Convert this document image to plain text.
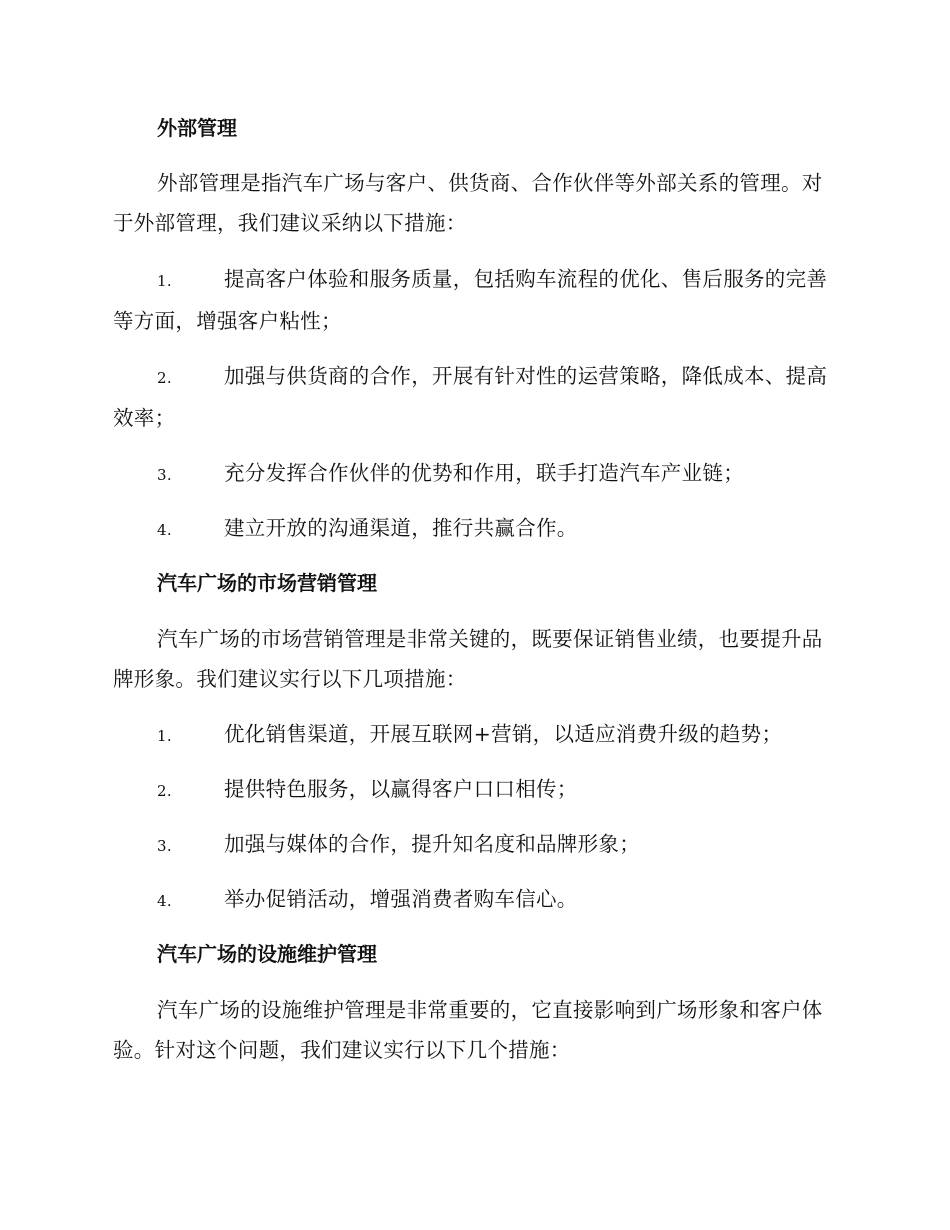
外部管理
外部管理是指汽车广场与客户、供货商、合作伙伴等外部关系的管理。对于外部管理，我们建议采纳以下措施：
1.	提高客户体验和服务质量，包括购车流程的优化、售后服务的完善等方面，增强客户粘性；
2.	加强与供货商的合作，开展有针对性的运营策略，降低成本、提高效率；
3.	充分发挥合作伙伴的优势和作用，联手打造汽车产业链；
4.	建立开放的沟通渠道，推行共赢合作。
汽车广场的市场营销管理
汽车广场的市场营销管理是非常关键的，既要保证销售业绩，也要提升品牌形象。我们建议实行以下几项措施：
1.	优化销售渠道，开展互联网+营销，以适应消费升级的趋势；
2.	提供特色服务，以赢得客户口口相传；
3.	加强与媒体的合作，提升知名度和品牌形象；
4.	举办促销活动，增强消费者购车信心。
汽车广场的设施维护管理
汽车广场的设施维护管理是非常重要的，它直接影响到广场形象和客户体验。针对这个问题，我们建议实行以下几个措施：
